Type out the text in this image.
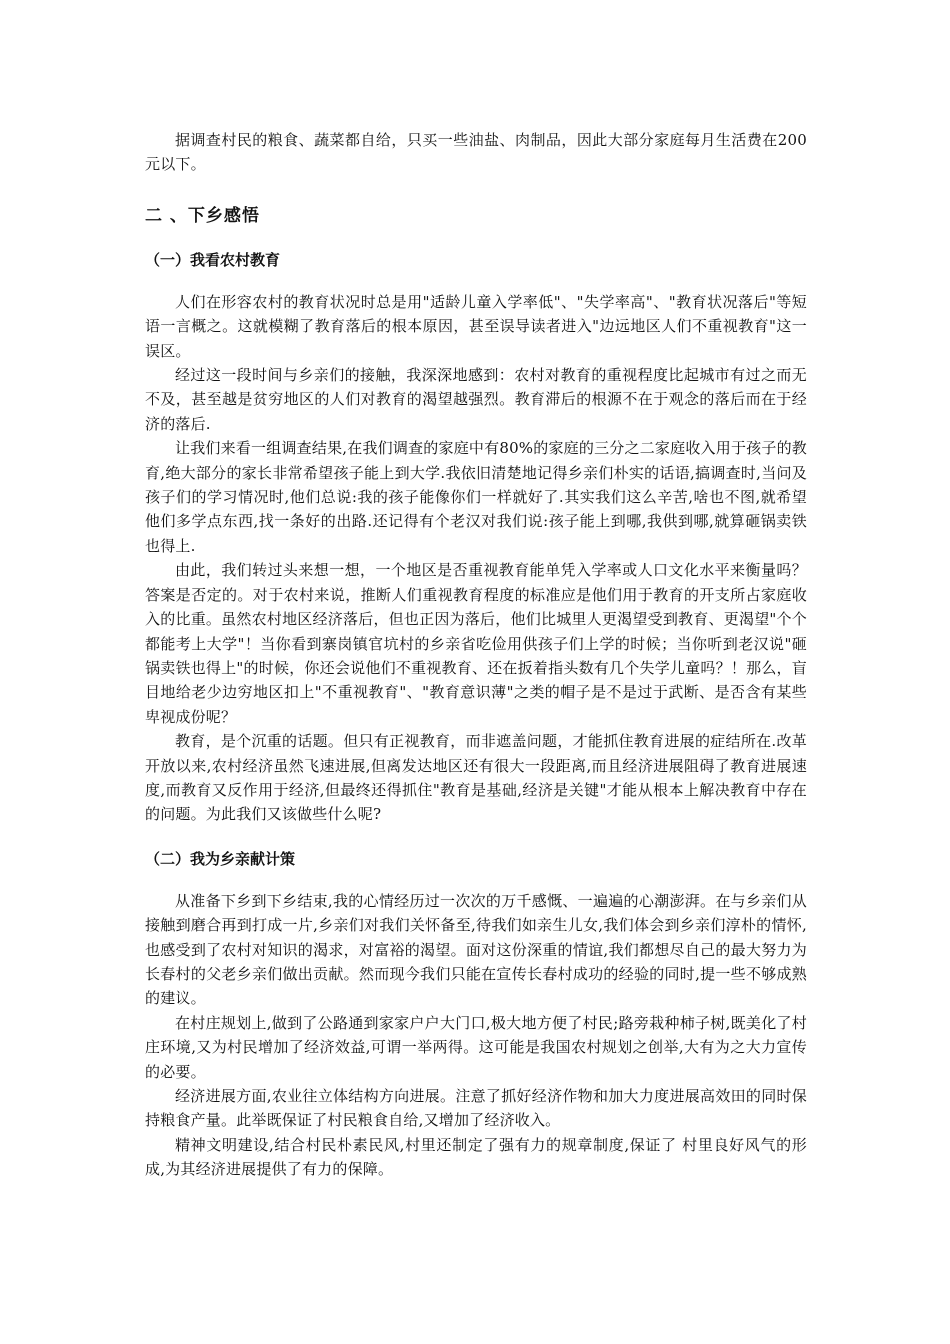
据调查村民的粮食、蔬菜都自给，只买一些油盐、肉制品，因此大部分家庭每月生活费在200元以下。

二 、下乡感悟
（一）我看农村教育

人们在形容农村的教育状况时总是用"适龄儿童入学率低"、"失学率高"、"教育状况落后"等短语一言概之。这就模糊了教育落后的根本原因，甚至误导读者进入"边远地区人们不重视教育"这一误区。

经过这一段时间与乡亲们的接触，我深深地感到：农村对教育的重视程度比起城市有过之而无不及，甚至越是贫穷地区的人们对教育的渴望越强烈。教育滞后的根源不在于观念的落后而在于经济的落后.

让我们来看一组调查结果,在我们调查的家庭中有80%的家庭的三分之二家庭收入用于孩子的教育,绝大部分的家长非常希望孩子能上到大学.我依旧清楚地记得乡亲们朴实的话语,搞调查时,当问及孩子们的学习情况时,他们总说:我的孩子能像你们一样就好了.其实我们这么辛苦,啥也不图,就希望他们多学点东西,找一条好的出路.还记得有个老汉对我们说:孩子能上到哪,我供到哪,就算砸锅卖铁也得上.

由此，我们转过头来想一想，一个地区是否重视教育能单凭入学率或人口文化水平来衡量吗？答案是否定的。对于农村来说，推断人们重视教育程度的标准应是他们用于教育的开支所占家庭收入的比重。虽然农村地区经济落后，但也正因为落后，他们比城里人更渴望受到教育、更渴望"个个都能考上大学"！当你看到寨岗镇官坑村的乡亲省吃俭用供孩子们上学的时候；当你听到老汉说"砸锅卖铁也得上"的时候，你还会说他们不重视教育、还在扳着指头数有几个失学儿童吗？！那么，盲目地给老少边穷地区扣上"不重视教育"、"教育意识薄"之类的帽子是不是过于武断、是否含有某些卑视成份呢？

教育，是个沉重的话题。但只有正视教育，而非遮盖问题，才能抓住教育进展的症结所在.改革开放以来,农村经济虽然飞速进展,但离发达地区还有很大一段距离,而且经济进展阻碍了教育进展速度,而教育又反作用于经济,但最终还得抓住"教育是基础,经济是关键"才能从根本上解决教育中存在的问题。为此我们又该做些什么呢?

（二）我为乡亲献计策

从准备下乡到下乡结束,我的心情经历过一次次的万千感慨、一遍遍的心潮澎湃。在与乡亲们从接触到磨合再到打成一片,乡亲们对我们关怀备至,待我们如亲生儿女,我们体会到乡亲们淳朴的情怀,也感受到了农村对知识的渴求，对富裕的渴望。面对这份深重的情谊,我们都想尽自己的最大努力为长春村的父老乡亲们做出贡献。然而现今我们只能在宣传长春村成功的经验的同时,提一些不够成熟的建议。

在村庄规划上,做到了公路通到家家户户大门口,极大地方便了村民;路旁栽种柿子树,既美化了村庄环境,又为村民增加了经济效益,可谓一举两得。这可能是我国农村规划之创举,大有为之大力宣传的必要。

经济进展方面,农业往立体结构方向进展。注意了抓好经济作物和加大力度进展高效田的同时保持粮食产量。此举既保证了村民粮食自给,又增加了经济收入。

精神文明建设,结合村民朴素民风,村里还制定了强有力的规章制度,保证了 村里良好风气的形成,为其经济进展提供了有力的保障。
